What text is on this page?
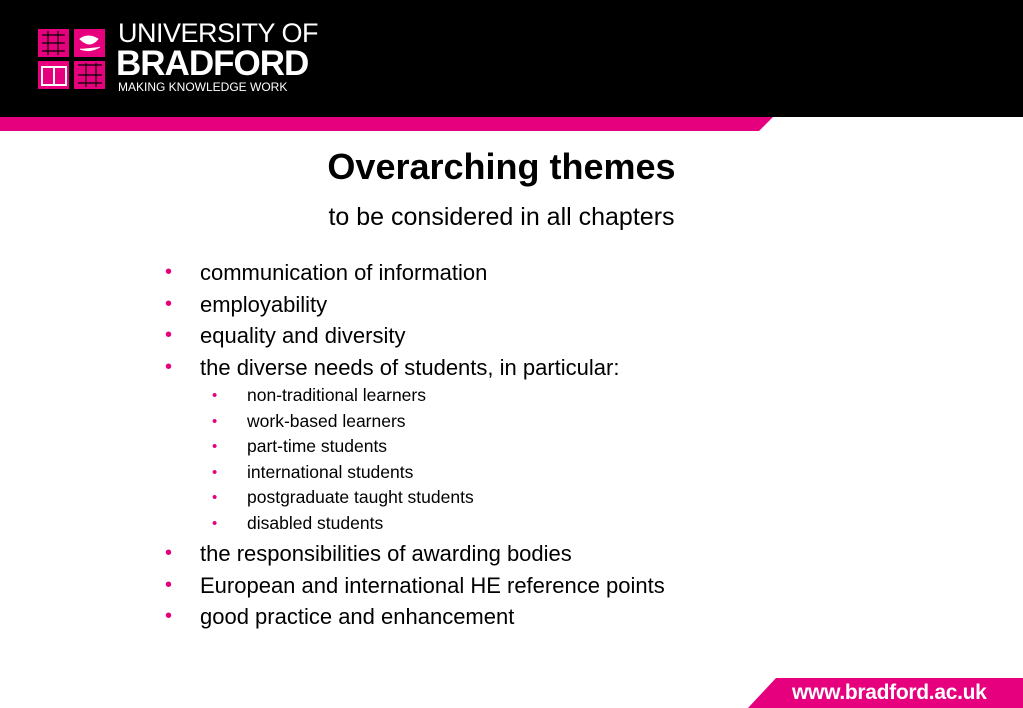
UNIVERSITY OF
BRADFORD
MAKING KNOWLEDGE WORK
Overarching themes
to be considered in all chapters
• communication of information
• employability
• equality and diversity
• the diverse needs of students, in particular:
• non-traditional learners
• work-based learners
• part-time students
• international students
• postgraduate taught students
• disabled students
• the responsibilities of awarding bodies
• European and international HE reference points
• good practice and enhancement
www.bradford.ac.uk
